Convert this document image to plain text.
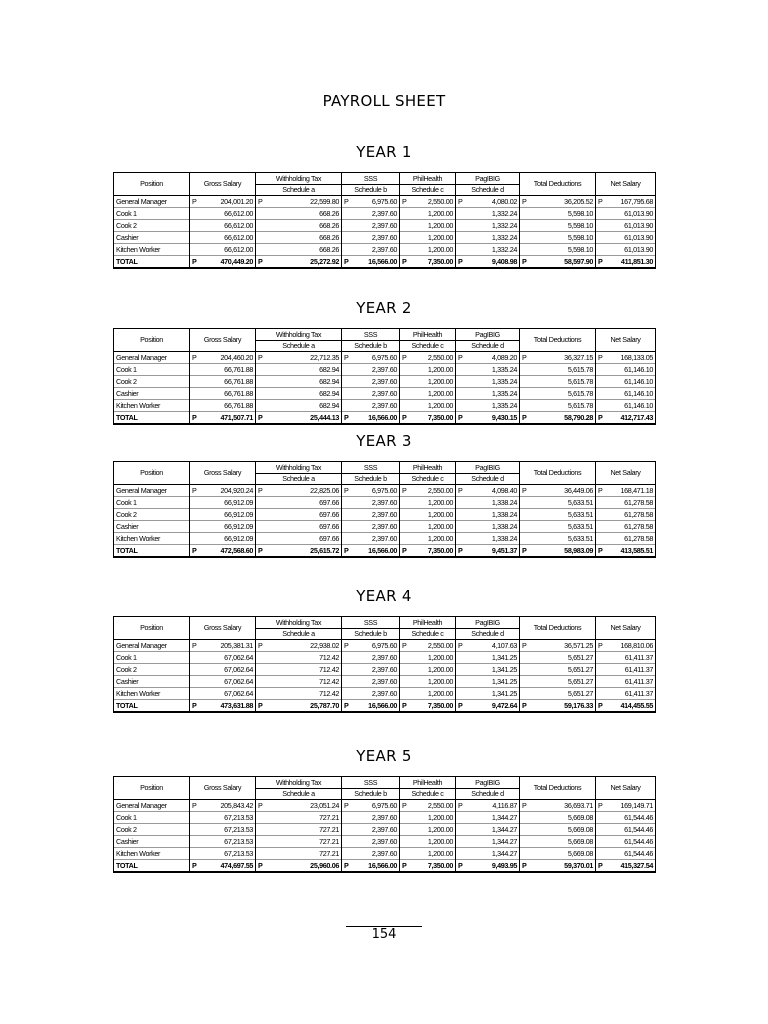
PAYROLL SHEET
YEAR 1
Position	Gross Salary	Withholding Tax	SSS	PhilHealth	PagIBIG	Total Deductions	Net Salary
		Schedule a	Schedule b	Schedule c	Schedule d		
General Manager	P 204,001.20	P 22,599.80	P 6,975.60	P 2,550.00	P 4,080.02	P 36,205.52	P 167,795.68

Cook 1	66,612.00	668.26	2,397.60	1,200.00	1,332.24	5,598.10	61,013.90
Cook 2	66,612.00	668.26	2,397.60	1,200.00	1,332.24	5,598.10	61,013.90
Cashier	66,612.00	668.26	2,397.60	1,200.00	1,332.24	5,598.10	61,013.90
Kitchen Worker	66,612.00	668.26	2,397.60	1,200.00	1,332.24	5,598.10	61,013.90
TOTAL	P 470,449.20	P 25,272.92	P 16,566.00	P 7,350.00	P 9,408.98	P 58,597.90	P 411,851.30
YEAR 2
Position	Gross Salary	Withholding Tax	SSS	PhilHealth	PagIBIG	Total Deductions	Net Salary
		Schedule a	Schedule b	Schedule c	Schedule d		
General Manager	P 204,460.20	P 22,712.35	P 6,975.60	P 2,550.00	P 4,089.20	P 36,327.15	P 168,133.05

Cook 1	66,761.88	682.94	2,397.60	1,200.00	1,335.24	5,615.78	61,146.10
Cook 2	66,761.88	682.94	2,397.60	1,200.00	1,335.24	5,615.78	61,146.10
Cashier	66,761.88	682.94	2,397.60	1,200.00	1,335.24	5,615.78	61,146.10
Kitchen Worker	66,761.88	682.94	2,397.60	1,200.00	1,335.24	5,615.78	61,146.10
TOTAL	P 471,507.71	P 25,444.13	P 16,566.00	P 7,350.00	P 9,430.15	P 58,790.28	P 412,717.43
YEAR 3
Position	Gross Salary	Withholding Tax	SSS	PhilHealth	PagIBIG	Total Deductions	Net Salary
		Schedule a	Schedule b	Schedule c	Schedule d		
General Manager	P 204,920.24	P 22,825.06	P 6,975.60	P 2,550.00	P 4,098.40	P 36,449.06	P 168,471.18

Cook 1	66,912.09	697.66	2,397.60	1,200.00	1,338.24	5,633.51	61,278.58
Cook 2	66,912.09	697.66	2,397.60	1,200.00	1,338.24	5,633.51	61,278.58
Cashier	66,912.09	697.66	2,397.60	1,200.00	1,338.24	5,633.51	61,278.58
Kitchen Worker	66,912.09	697.66	2,397.60	1,200.00	1,338.24	5,633.51	61,278.58
TOTAL	P 472,568.60	P 25,615.72	P 16,566.00	P 7,350.00	P 9,451.37	P 58,983.09	P 413,585.51
YEAR 4
Position	Gross Salary	Withholding Tax	SSS	PhilHealth	PagIBIG	Total Deductions	Net Salary
		Schedule a	Schedule b	Schedule c	Schedule d		
General Manager	P 205,381.31	P 22,938.02	P 6,975.60	P 2,550.00	P 4,107.63	P 36,571.25	P 168,810.06

Cook 1	67,062.64	712.42	2,397.60	1,200.00	1,341.25	5,651.27	61,411.37
Cook 2	67,062.64	712.42	2,397.60	1,200.00	1,341.25	5,651.27	61,411.37
Cashier	67,062.64	712.42	2,397.60	1,200.00	1,341.25	5,651.27	61,411.37
Kitchen Worker	67,062.64	712.42	2,397.60	1,200.00	1,341.25	5,651.27	61,411.37
TOTAL	P 473,631.88	P 25,787.70	P 16,566.00	P 7,350.00	P 9,472.64	P 59,176.33	P 414,455.55
YEAR 5
Position	Gross Salary	Withholding Tax	SSS	PhilHealth	PagIBIG	Total Deductions	Net Salary
		Schedule a	Schedule b	Schedule c	Schedule d		
General Manager	P 205,843.42	P 23,051.24	P 6,975.60	P 2,550.00	P 4,116.87	P 36,693.71	P 169,149.71

Cook 1	67,213.53	727.21	2,397.60	1,200.00	1,344.27	5,669.08	61,544.46
Cook 2	67,213.53	727.21	2,397.60	1,200.00	1,344.27	5,669.08	61,544.46
Cashier	67,213.53	727.21	2,397.60	1,200.00	1,344.27	5,669.08	61,544.46
Kitchen Worker	67,213.53	727.21	2,397.60	1,200.00	1,344.27	5,669.08	61,544.46
TOTAL	P 474,697.55	P 25,960.06	P 16,566.00	P 7,350.00	P 9,493.95	P 59,370.01	P 415,327.54
154
